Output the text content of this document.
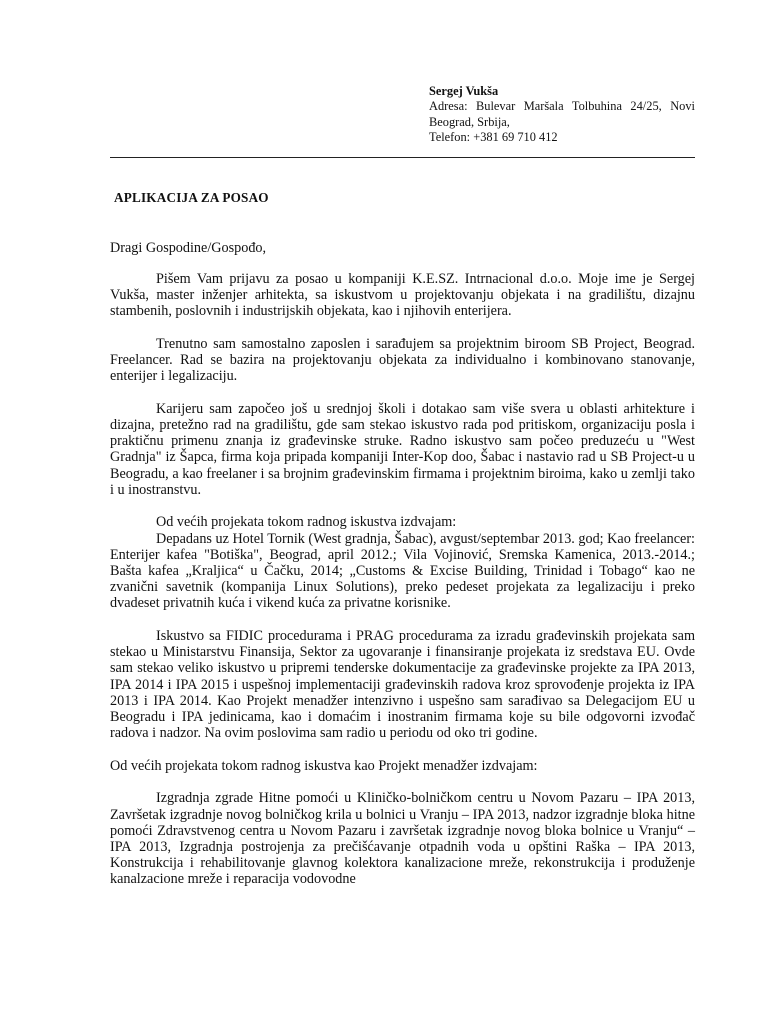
Sergej Vukša
Adresa: Bulevar Maršala Tolbuhina 24/25, Novi Beograd, Srbija,
Telefon: +381 69 710 412
APLIKACIJA ZA POSAO

Dragi Gospodine/Gospođo,

Pišem Vam prijavu za posao u kompaniji K.E.SZ. Intrnacional d.o.o. Moje ime je Sergej Vukša, master inženjer arhitekta, sa iskustvom u projektovanju objekata i na gradilištu, dizajnu stambenih, poslovnih i industrijskih objekata, kao i njihovih enterijera.

Trenutno sam samostalno zaposlen i sarađujem sa projektnim biroom SB Project, Beograd. Freelancer. Rad se bazira na projektovanju objekata za individualno i kombinovano stanovanje, enterijer i legalizaciju.

Karijeru sam započeo još u srednjoj školi i dotakao sam više svera u oblasti arhitekture i dizajna, pretežno rad na gradilištu, gde sam stekao iskustvo rada pod pritiskom, organizaciju posla i praktičnu primenu znanja iz građevinske struke. Radno iskustvo sam počeo preduzeću u "West Gradnja" iz Šapca, firma koja pripada kompaniji Inter-Kop doo, Šabac i nastavio rad u SB Project-u u Beogradu, a kao freelaner i sa brojnim građevinskim firmama i projektnim biroima, kako u zemlji tako i u inostranstvu.

Od većih projekata tokom radnog iskustva izdvajam:

Depadans uz Hotel Tornik (West gradnja, Šabac), avgust/septembar 2013. god; Kao freelancer: Enterijer kafea "Botiška", Beograd, april 2012.; Vila Vojinović, Sremska Kamenica, 2013.-2014.; Bašta kafea „Kraljica“ u Čačku, 2014; „Customs & Excise Building, Trinidad i Tobago“ kao ne zvanični savetnik (kompanija Linux Solutions), preko pedeset projekata za legalizaciju i preko dvadeset privatnih kuća i vikend kuća za privatne korisnike.

Iskustvo sa FIDIC procedurama i PRAG procedurama za izradu građevinskih projekata sam stekao u Ministarstvu Finansija, Sektor za ugovaranje i finansiranje projekata iz sredstava EU. Ovde sam stekao veliko iskustvo u pripremi tenderske dokumentacije za građevinske projekte za IPA 2013, IPA 2014 i IPA 2015 i uspešnoj implementaciji građevinskih radova kroz sprovođenje projekta iz IPA 2013 i IPA 2014. Kao Projekt menadžer intenzivno i uspešno sam sarađivao sa Delegacijom EU u Beogradu i IPA jedinicama, kao i domaćim i inostranim firmama koje su bile odgovorni izvođač radova i nadzor. Na ovim poslovima sam radio u periodu od oko tri godine.

Od većih projekata tokom radnog iskustva kao Projekt menadžer izdvajam:

Izgradnja zgrade Hitne pomoći u Kliničko-bolničkom centru u Novom Pazaru – IPA 2013, Završetak izgradnje novog bolničkog krila u bolnici u Vranju – IPA 2013, nadzor izgradnje bloka hitne pomoći Zdravstvenog centra u Novom Pazaru i završetak izgradnje novog bloka bolnice u Vranju“ – IPA 2013, Izgradnja postrojenja za prečišćavanje otpadnih voda u opštini Raška – IPA 2013, Konstrukcija i rehabilitovanje glavnog kolektora kanalizacione mreže, rekonstrukcija i produženje kanalzacione mreže i reparacija vodovodne
